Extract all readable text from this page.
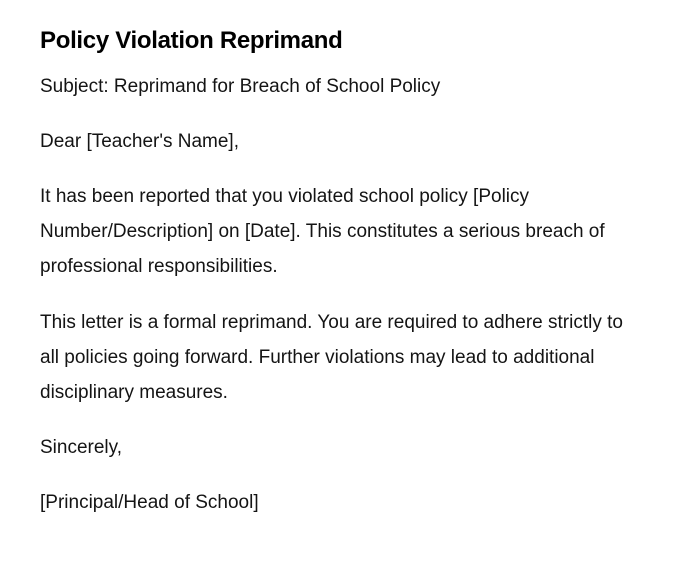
Policy Violation Reprimand

Subject: Reprimand for Breach of School Policy

Dear [Teacher's Name],

It has been reported that you violated school policy [Policy Number/Description] on [Date]. This constitutes a serious breach of professional responsibilities.

This letter is a formal reprimand. You are required to adhere strictly to all policies going forward. Further violations may lead to additional disciplinary measures.

Sincerely,

[Principal/Head of School]
